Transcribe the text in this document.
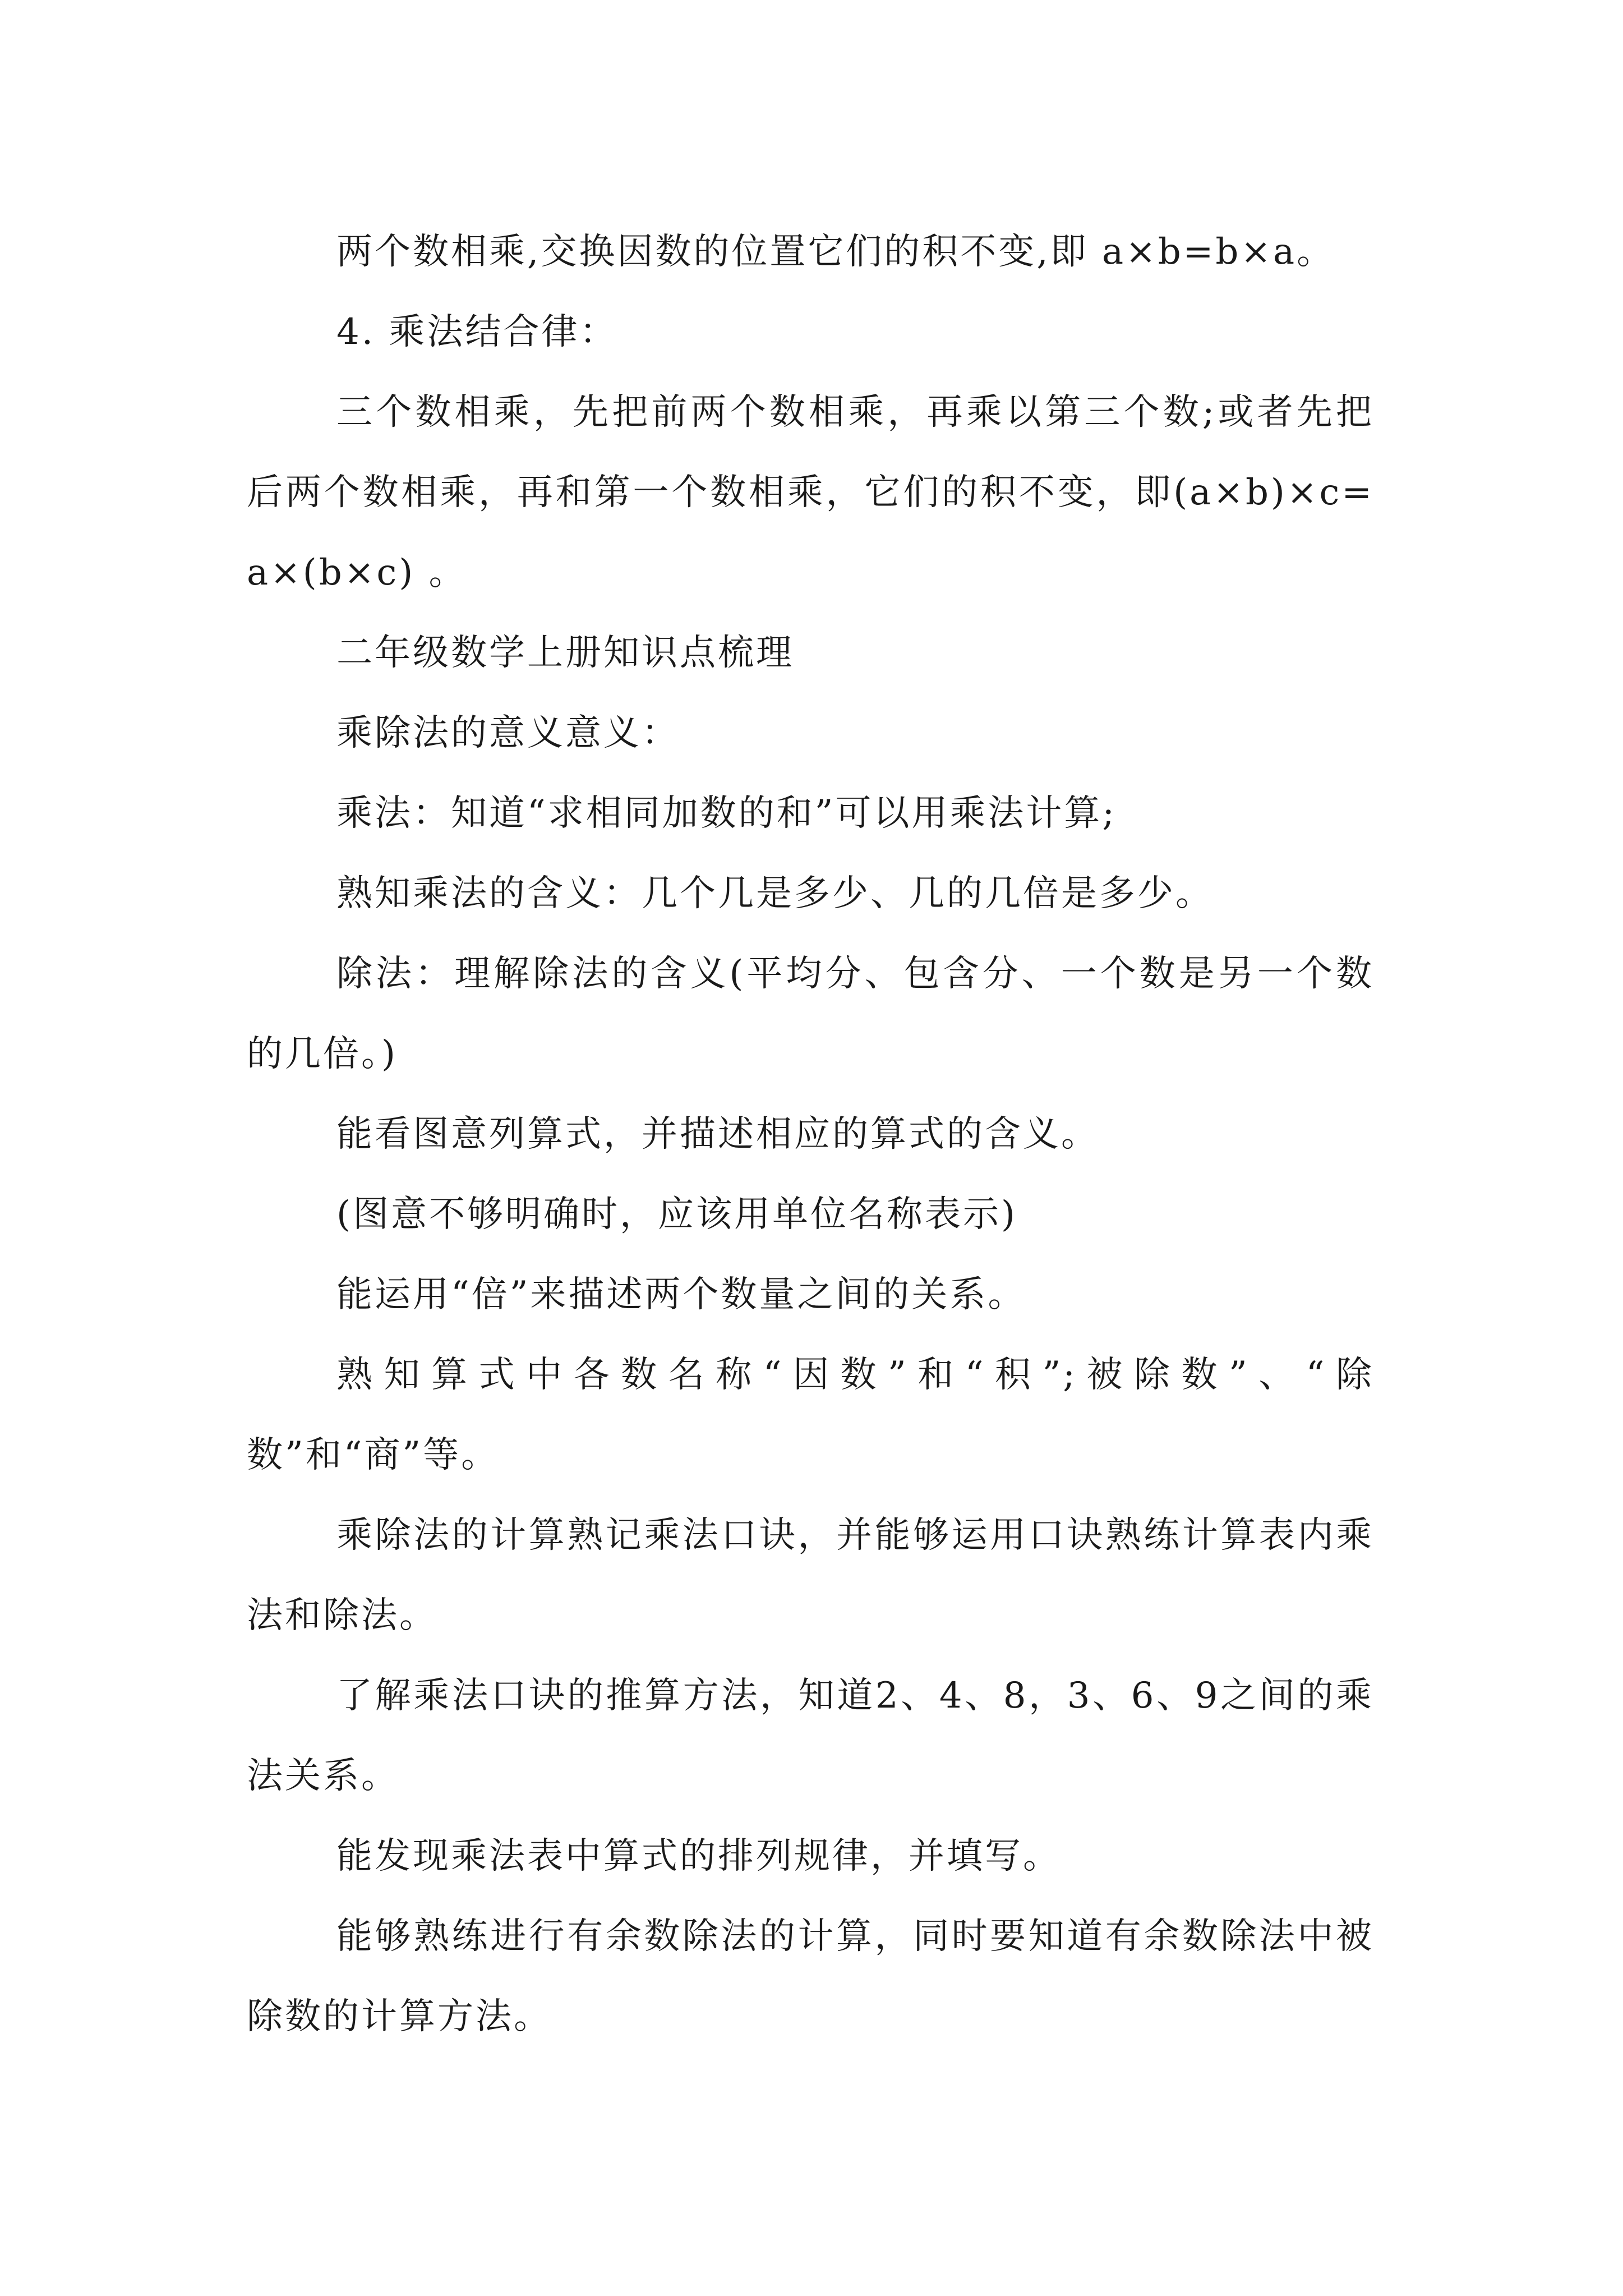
两个数相乘,交换因数的位置它们的积不变,即 a×b=b×a。

4. 乘法结合律：

三个数相乘，先把前两个数相乘，再乘以第三个数;或者先把后两个数相乘，再和第一个数相乘，它们的积不变，即(a×b)×c=a×(b×c) 。

二年级数学上册知识点梳理

乘除法的意义意义：

乘法：知道“求相同加数的和”可以用乘法计算;

熟知乘法的含义：几个几是多少、几的几倍是多少。

除法：理解除法的含义(平均分、包含分、一个数是另一个数的几倍。)

能看图意列算式，并描述相应的算式的含义。

(图意不够明确时，应该用单位名称表示)

能运用“倍”来描述两个数量之间的关系。

熟知算式中各数名称“因数”和“积”;被除数”、“除数”和“商”等。

乘除法的计算熟记乘法口诀，并能够运用口诀熟练计算表内乘法和除法。

了解乘法口诀的推算方法，知道2、4、8，3、6、9之间的乘法关系。

能发现乘法表中算式的排列规律，并填写。

能够熟练进行有余数除法的计算，同时要知道有余数除法中被除数的计算方法。
